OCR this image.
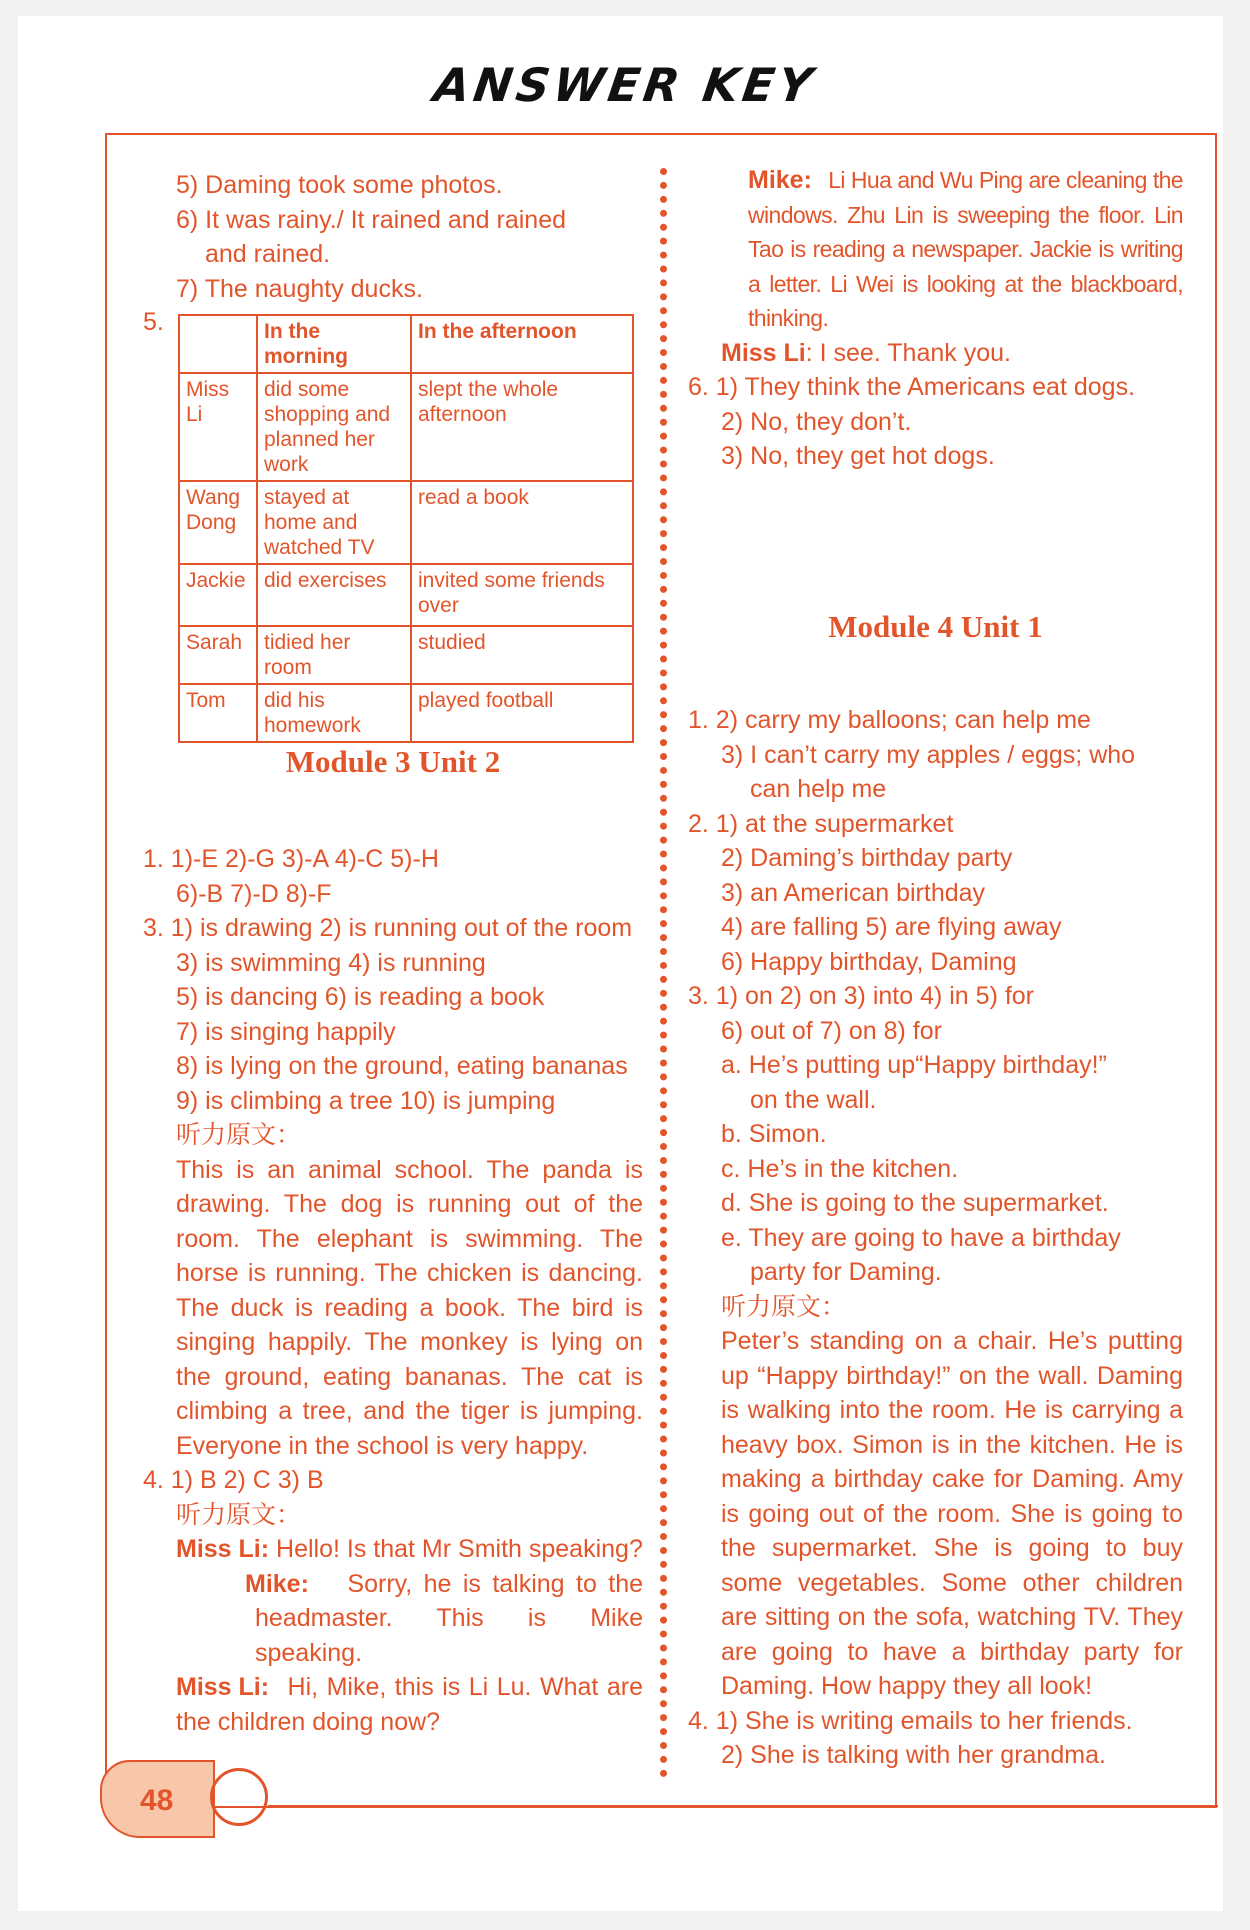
ANSWER KEY
5) Daming took some photos.
6) It was rainy./ It rained and rained
and rained.
7) The naughty ducks.
5.
		In the morning	In the afternoon
Miss Li	did some shopping and planned her work	slept the whole afternoon
Wang Dong	stayed at home and watched TV	read a book
Jackie	did exercises	invited some friends over
Sarah	tidied her room	studied
Tom	did his homework	played football
Module 3 Unit 2
1. 1)-E 2)-G 3)-A 4)-C 5)-H
6)-B 7)-D 8)-F
3. 1) is drawing 2) is running out of the room
3) is swimming 4) is running
5) is dancing 6) is reading a book
7) is singing happily
8) is lying on the ground, eating bananas
9) is climbing a tree 10) is jumping
听力原文：
This is an animal school. The panda is drawing. The dog is running out of the room. The elephant is swimming. The horse is running. The chicken is dancing. The duck is reading a book. The bird is singing happily. The monkey is lying on the ground, eating bananas. The cat is climbing a tree, and the tiger is jumping. Everyone in the school is very happy.
4. 1) B 2) C 3) B
听力原文：
Miss Li: Hello! Is that Mr Smith speaking?
Mike: Sorry, he is talking to the headmaster. This is Mike speaking.
Miss Li: Hi, Mike, this is Li Lu. What are the children doing now?
Mike: Li Hua and Wu Ping are cleaning the windows. Zhu Lin is sweeping the floor. Lin Tao is reading a newspaper. Jackie is writing a letter. Li Wei is looking at the blackboard, thinking.
Miss Li: I see. Thank you.
6. 1) They think the Americans eat dogs.
2) No, they don’t.
3) No, they get hot dogs.
Module 4 Unit 1
1. 2) carry my balloons; can help me
3) I can’t carry my apples / eggs; who
can help me
2. 1) at the supermarket
2) Daming’s birthday party
3) an American birthday
4) are falling 5) are flying away
6) Happy birthday, Daming
3. 1) on 2) on 3) into 4) in 5) for
6) out of 7) on 8) for
a. He’s putting up“Happy birthday!”
on the wall.
b. Simon.
c. He’s in the kitchen.
d. She is going to the supermarket.
e. They are going to have a birthday
party for Daming.
听力原文：
Peter’s standing on a chair. He’s putting up “Happy birthday!” on the wall. Daming is walking into the room. He is carrying a heavy box. Simon is in the kitchen. He is making a birthday cake for Daming. Amy is going out of the room. She is going to the supermarket. She is going to buy some vegetables. Some other children are sitting on the sofa, watching TV. They are going to have a birthday party for Daming. How happy they all look!
4. 1) She is writing emails to her friends.
2) She is talking with her grandma.
48
